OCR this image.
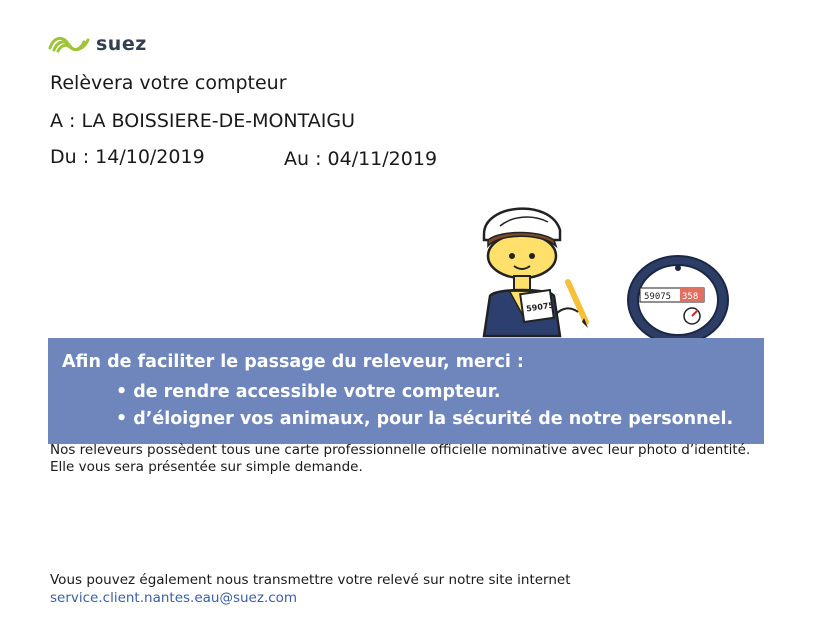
suez
Relèvera votre compteur
A : LA BOISSIERE-DE-MONTAIGU
Du : 14/10/2019	Au : 04/11/2019
59075
59075 358
Afin de faciliter le passage du releveur, merci :
• de rendre accessible votre compteur.
• d’éloigner vos animaux, pour la sécurité de notre personnel.
Nos releveurs possèdent tous une carte professionnelle officielle nominative avec leur photo d’identité. Elle vous sera présentée sur simple demande.
Vous pouvez également nous transmettre votre relevé sur notre site internet
service.client.nantes.eau@suez.com
